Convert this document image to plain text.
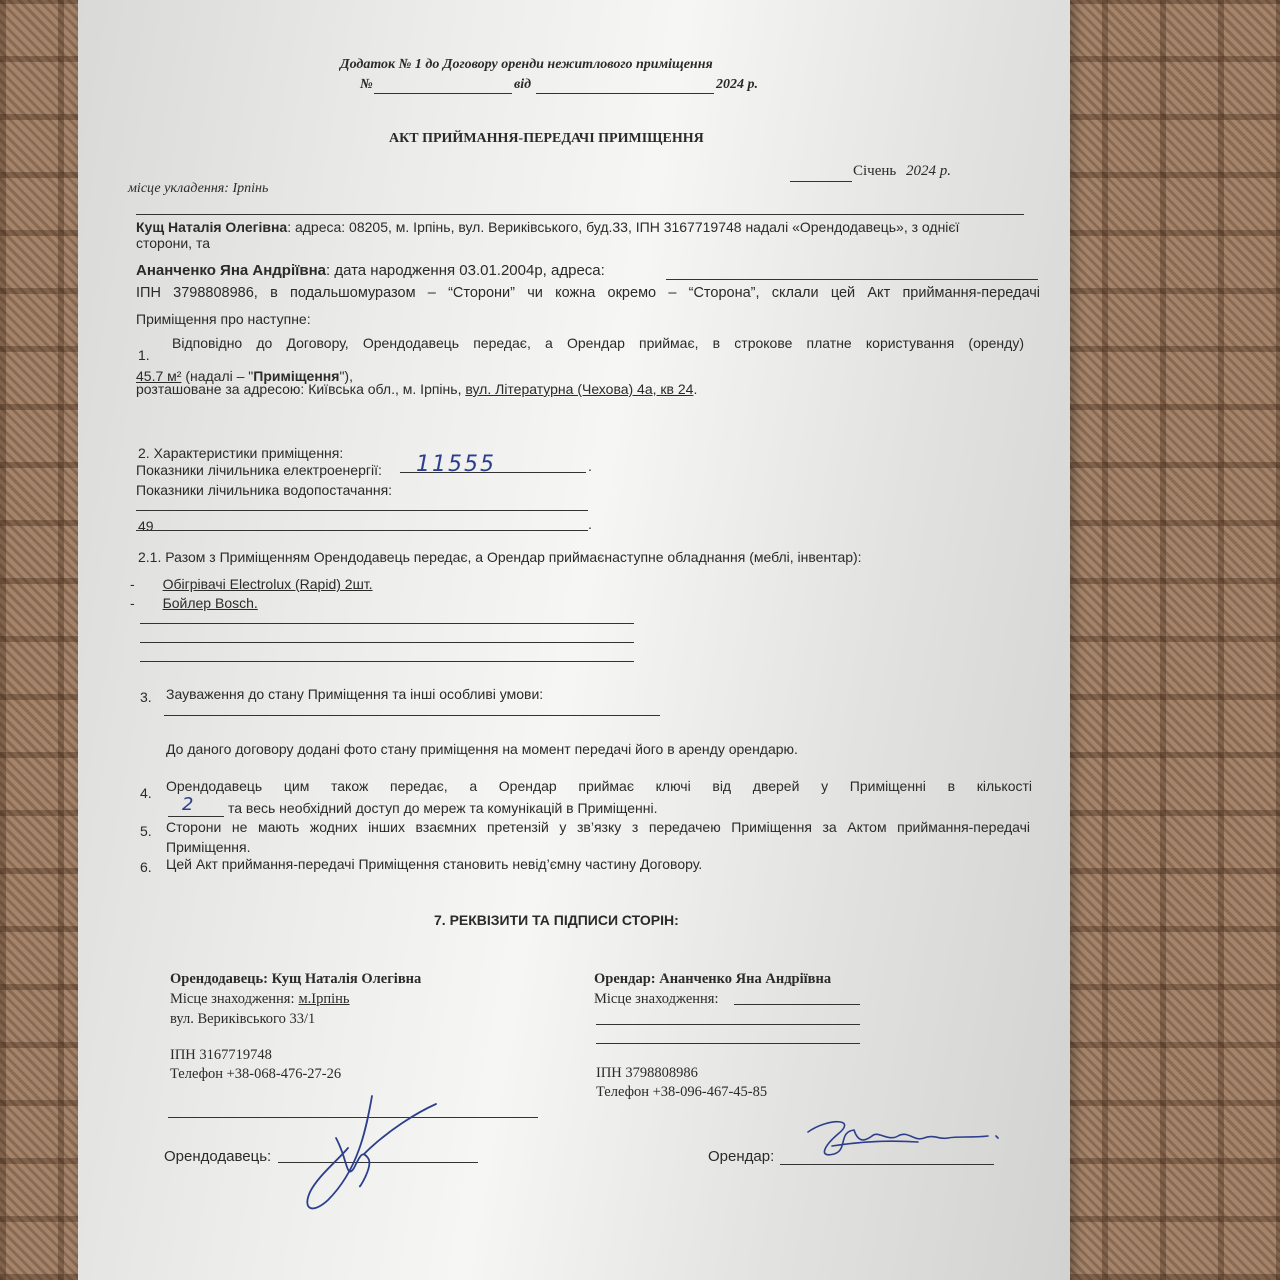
Додаток № 1 до Договору оренди нежитлового приміщення
№	від	2024 р.
АКТ ПРИЙМАННЯ-ПЕРЕДАЧІ ПРИМІЩЕННЯ
Січень 2024 р.
місце укладення: Ірпінь
Кущ Наталія Олегівна: адреса: 08205, м. Ірпінь, вул. Вериківського, буд.33, ІПН 3167719748 надалі «Орендодавець», з однієї
сторони, та
Ананченко Яна Андріївна: дата народження 03.01.2004р, адреса:
ІПН 3798808986, в подальшомуразом – “Сторони” чи кожна окремо – “Сторона”, склали цей Акт приймання-передачі
Приміщення про наступне:
1.
Відповідно до Договору, Орендодавець передає, а Орендар приймає, в строкове платне користування (оренду)
45.7 м² (надалі – "Приміщення"),
розташоване за адресою: Київська обл., м. Ірпінь, вул. Літературна (Чехова) 4а, кв 24.
2. Характеристики приміщення:
Показники лічильника електроенергії:	.
11555
Показники лічильника водопостачання:
49	.
2.1. Разом з Приміщенням Орендодавець передає, а Орендар приймаєнаступне обладнання (меблі, інвентар):
- Обігрівачі Electrolux (Rapid) 2шт.
- Бойлер Bosch.
3. Зауваження до стану Приміщення та інші особливі умови:
До даного договору додані фото стану приміщення на момент передачі його в аренду орендарю.
4. Орендодавець цим також передає, а Орендар приймає ключі від дверей у Приміщенні в кількості
2 та весь необхідний доступ до мереж та комунікацій в Приміщенні.
5. Сторони не мають жодних інших взаємних претензій у зв’язку з передачею Приміщення за Актом приймання-передачі
Приміщення.
6. Цей Акт приймання-передачі Приміщення становить невід’ємну частину Договору.
7. РЕКВІЗИТИ ТА ПІДПИСИ СТОРІН:
Орендодавець: Кущ Наталія Олегівна
Місце знаходження: м.Ірпінь
вул. Вериківського 33/1
ІПН 3167719748
Телефон +38-068-476-27-26
Орендодавець:
Орендар: Ананченко Яна Андріївна
Місце знаходження:
ІПН 3798808986
Телефон +38-096-467-45-85
Орендар:
